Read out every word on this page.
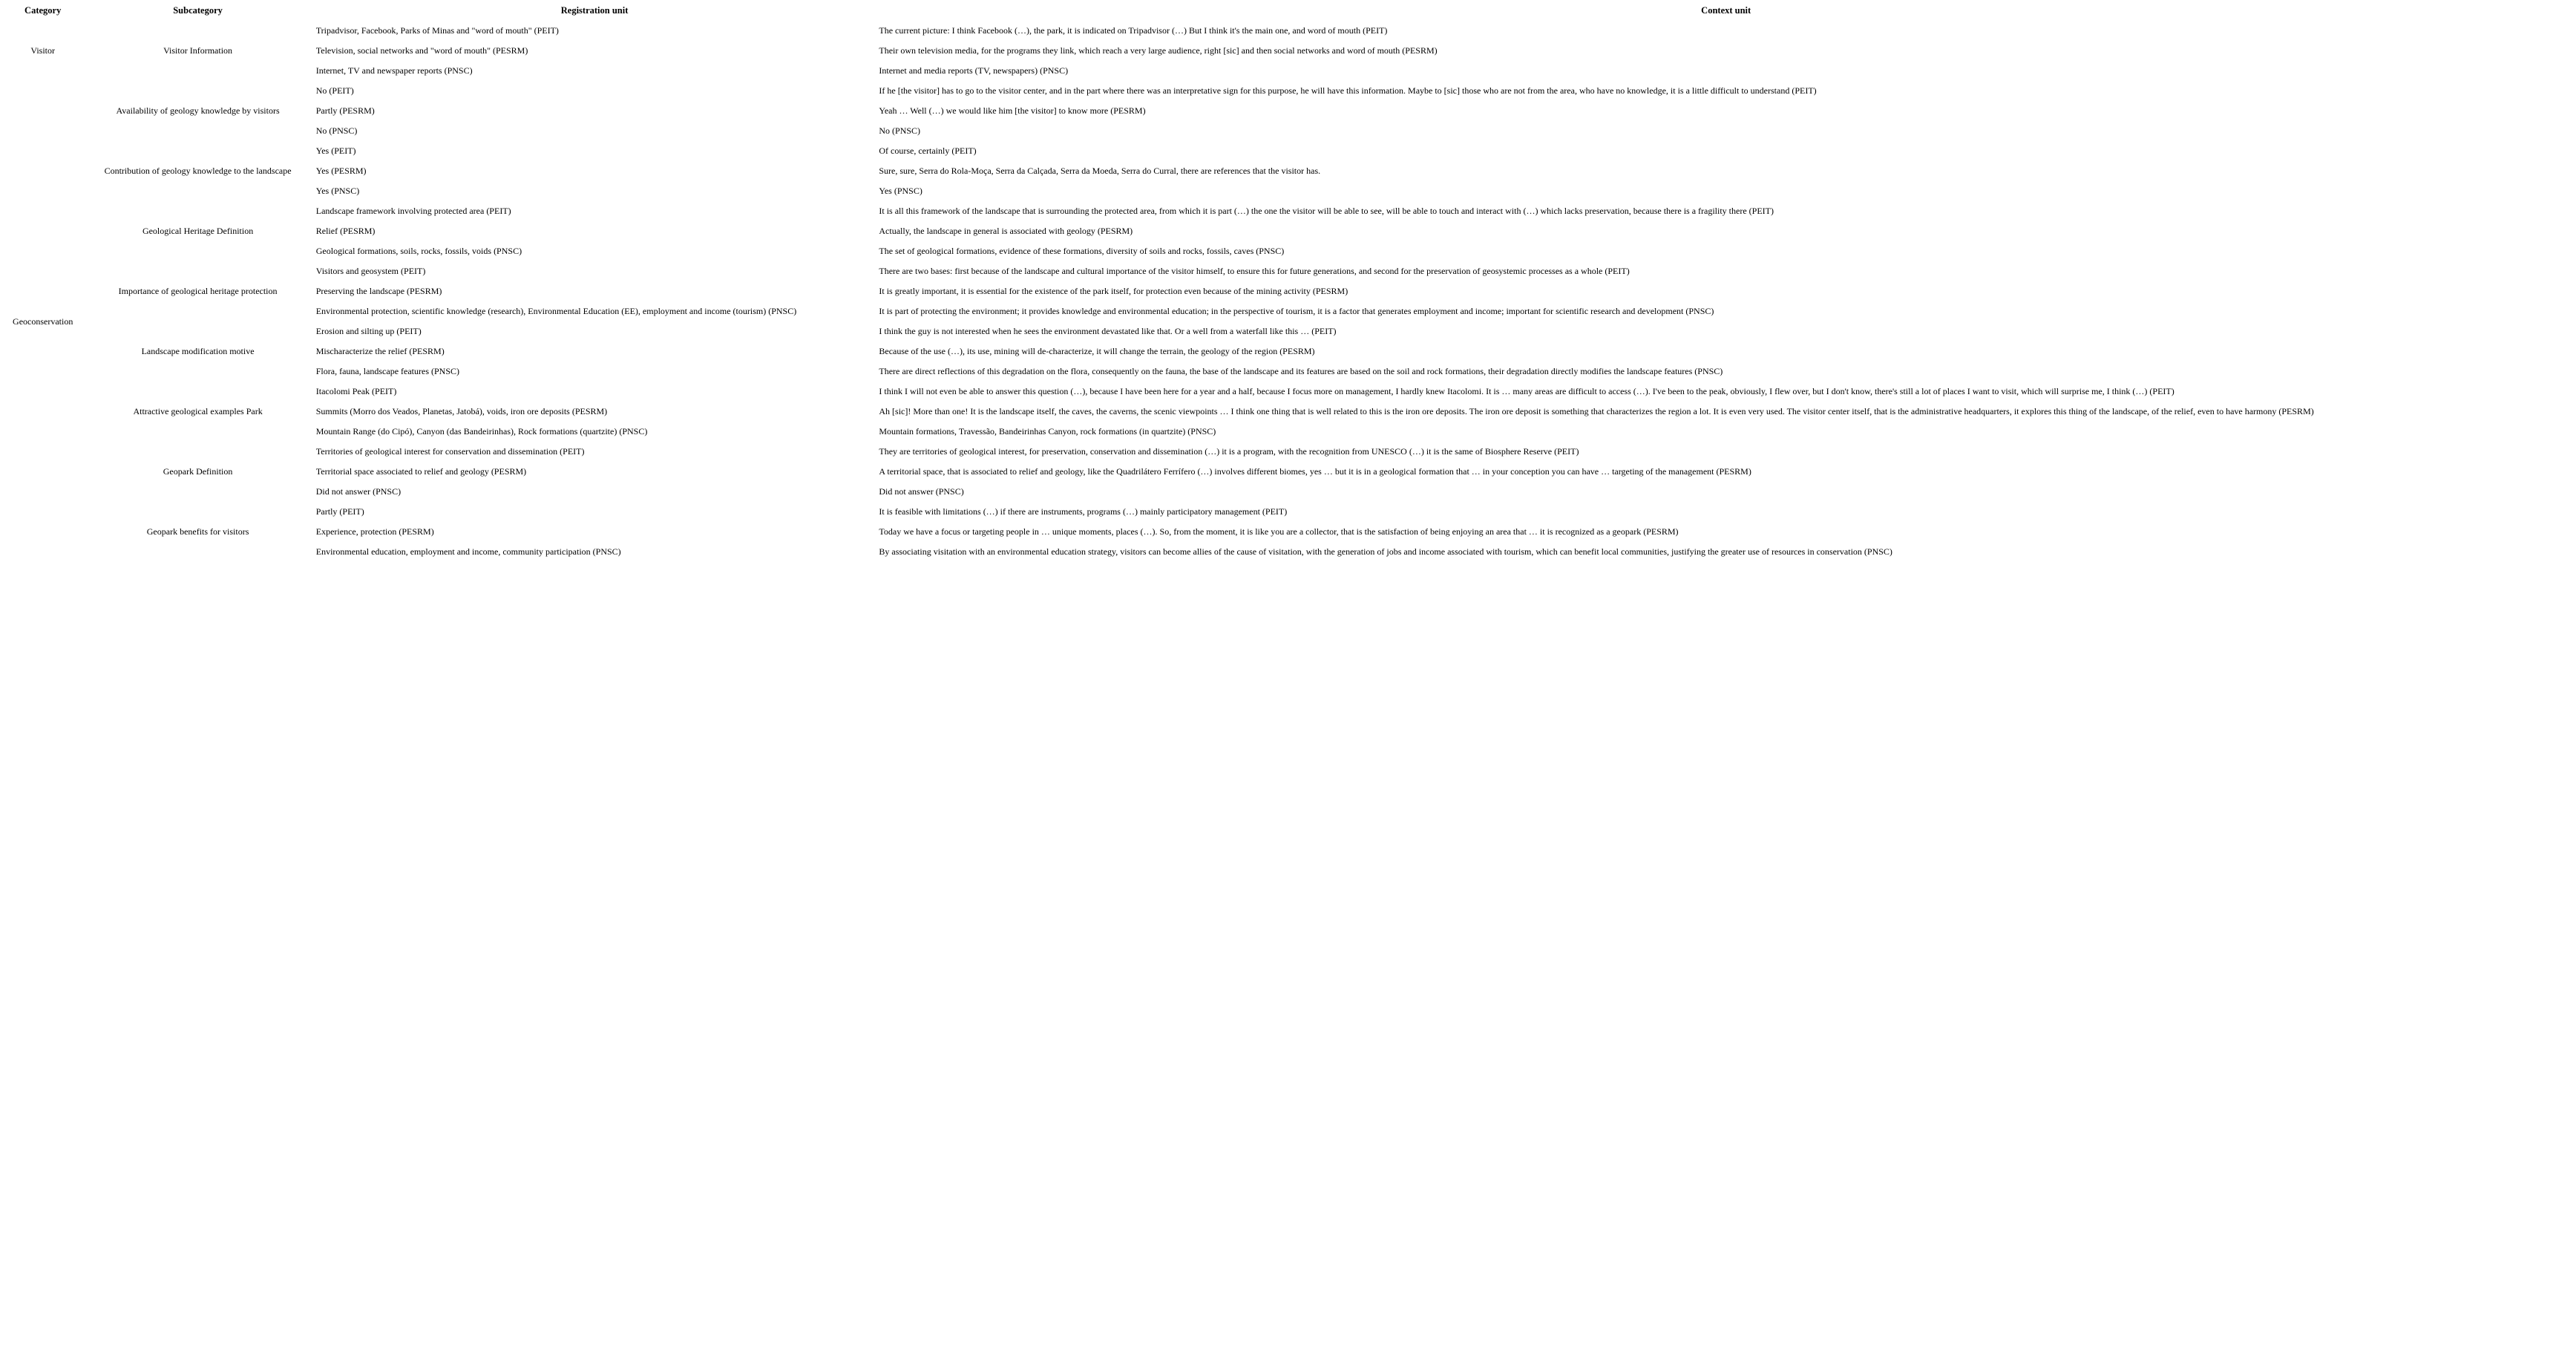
Category	Subcategory	Registration unit	Context unit
Visitor	Visitor Information	Tripadvisor, Facebook, Parks of Minas and "word of mouth" (PEIT)	The current picture: I think Facebook (…), the park, it is indicated on Tripadvisor (…) But I think it's the main one, and word of mouth (PEIT)
		Television, social networks and "word of mouth" (PESRM)	Their own television media, for the programs they link, which reach a very large audience, right [sic] and then social networks and word of mouth (PESRM)
		Internet, TV and newspaper reports (PNSC)	Internet and media reports (TV, newspapers) (PNSC)
Geoconservation	Availability of geology knowledge by visitors	No (PEIT)	If he [the visitor] has to go to the visitor center, and in the part where there was an interpretative sign for this purpose, he will have this information. Maybe to [sic] those who are not from the area, who have no knowledge, it is a little difficult to understand (PEIT)
		Partly (PESRM)	Yeah … Well (…) we would like him [the visitor] to know more (PESRM)
		No (PNSC)	No (PNSC)
	Contribution of geology knowledge to the landscape	Yes (PEIT)	Of course, certainly (PEIT)
		Yes (PESRM)	Sure, sure, Serra do Rola-Moça, Serra da Calçada, Serra da Moeda, Serra do Curral, there are references that the visitor has.
		Yes (PNSC)	Yes (PNSC)
	Geological Heritage Definition	Landscape framework involving protected area (PEIT)	It is all this framework of the landscape that is surrounding the protected area, from which it is part (…) the one the visitor will be able to see, will be able to touch and interact with (…) which lacks preservation, because there is a fragility there (PEIT)
		Relief (PESRM)	Actually, the landscape in general is associated with geology (PESRM)
		Geological formations, soils, rocks, fossils, voids (PNSC)	The set of geological formations, evidence of these formations, diversity of soils and rocks, fossils, caves (PNSC)
	Importance of geological heritage protection	Visitors and geosystem (PEIT)	There are two bases: first because of the landscape and cultural importance of the visitor himself, to ensure this for future generations, and second for the preservation of geosystemic processes as a whole (PEIT)
		Preserving the landscape (PESRM)	It is greatly important, it is essential for the existence of the park itself, for protection even because of the mining activity (PESRM)
		Environmental protection, scientific knowledge (research), Environmental Education (EE), employment and income (tourism) (PNSC)	It is part of protecting the environment; it provides knowledge and environmental education; in the perspective of tourism, it is a factor that generates employment and income; important for scientific research and development (PNSC)
	Landscape modification motive	Erosion and silting up (PEIT)	I think the guy is not interested when he sees the environment devastated like that. Or a well from a waterfall like this … (PEIT)
		Mischaracterize the relief (PESRM)	Because of the use (…), its use, mining will de-characterize, it will change the terrain, the geology of the region (PESRM)
		Flora, fauna, landscape features (PNSC)	There are direct reflections of this degradation on the flora, consequently on the fauna, the base of the landscape and its features are based on the soil and rock formations, their degradation directly modifies the landscape features (PNSC)
	Attractive geological examples Park	Itacolomi Peak (PEIT)	I think I will not even be able to answer this question (…), because I have been here for a year and a half, because I focus more on management, I hardly knew Itacolomi. It is … many areas are difficult to access (…). I've been to the peak, obviously, I flew over, but I don't know, there's still a lot of places I want to visit, which will surprise me, I think (…) (PEIT)
		Summits (Morro dos Veados, Planetas, Jatobá), voids, iron ore deposits (PESRM)	Ah [sic]! More than one! It is the landscape itself, the caves, the caverns, the scenic viewpoints … I think one thing that is well related to this is the iron ore deposits. The iron ore deposit is something that characterizes the region a lot. It is even very used. The visitor center itself, that is the administrative headquarters, it explores this thing of the landscape, of the relief, even to have harmony (PESRM)
		Mountain Range (do Cipó), Canyon (das Bandeirinhas), Rock formations (quartzite) (PNSC)	Mountain formations, Travessão, Bandeirinhas Canyon, rock formations (in quartzite) (PNSC)
	Geopark Definition	Territories of geological interest for conservation and dissemination (PEIT)	They are territories of geological interest, for preservation, conservation and dissemination (…) it is a program, with the recognition from UNESCO (…) it is the same of Biosphere Reserve (PEIT)
		Territorial space associated to relief and geology (PESRM)	A territorial space, that is associated to relief and geology, like the Quadrilátero Ferrífero (…) involves different biomes, yes … but it is in a geological formation that … in your conception you can have … targeting of the management (PESRM)
		Did not answer (PNSC)	Did not answer (PNSC)
	Geopark benefits for visitors	Partly (PEIT)	It is feasible with limitations (…) if there are instruments, programs (…) mainly participatory management (PEIT)
		Experience, protection (PESRM)	Today we have a focus or targeting people in … unique moments, places (…). So, from the moment, it is like you are a collector, that is the satisfaction of being enjoying an area that … it is recognized as a geopark (PESRM)
		Environmental education, employment and income, community participation (PNSC)	By associating visitation with an environmental education strategy, visitors can become allies of the cause of visitation, with the generation of jobs and income associated with tourism, which can benefit local communities, justifying the greater use of resources in conservation (PNSC)
